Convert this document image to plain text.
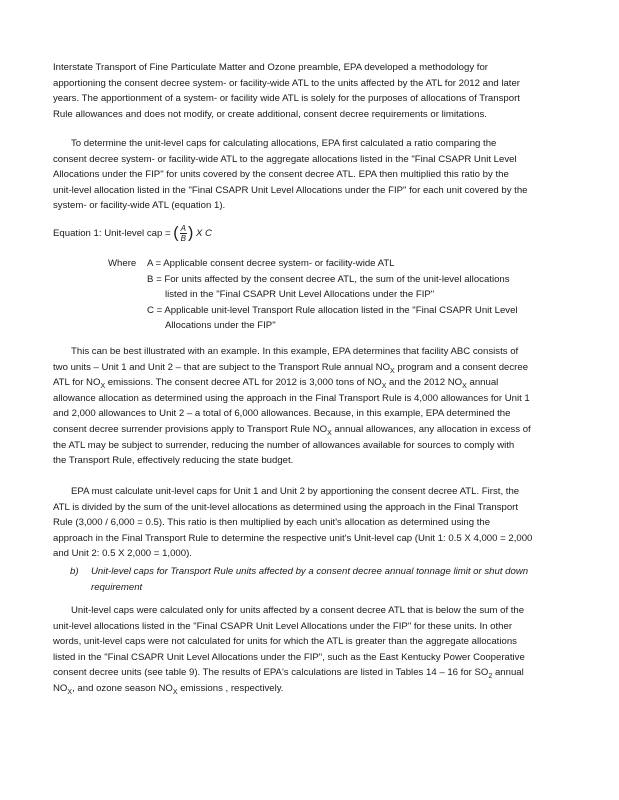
Interstate Transport of Fine Particulate Matter and Ozone preamble, EPA developed a methodology for
apportioning the consent decree system- or facility-wide ATL to the units affected by the ATL for 2012 and later
years. The apportionment of a system- or facility wide ATL is solely for the purposes of allocations of Transport
Rule allowances and does not modify, or create additional, consent decree requirements or limitations.

To determine the unit-level caps for calculating allocations, EPA first calculated a ratio comparing the
consent decree system- or facility-wide ATL to the aggregate allocations listed in the "Final CSAPR Unit Level
Allocations under the FIP" for units covered by the consent decree ATL. EPA then multiplied this ratio by the
unit-level allocation listed in the "Final CSAPR Unit Level Allocations under the FIP" for each unit covered by the
system- or facility-wide ATL (equation 1).

Equation 1: Unit-level cap = ( $\frac{A}{B}$ ) X C
Where A = Applicable consent decree system- or facility-wide ATL
B = For units affected by the consent decree ATL, the sum of the unit-level allocations
listed in the "Final CSAPR Unit Level Allocations under the FIP"
C = Applicable unit-level Transport Rule allocation listed in the "Final CSAPR Unit Level
Allocations under the FIP"

This can be best illustrated with an example. In this example, EPA determines that facility ABC consists of
two units – Unit 1 and Unit 2 – that are subject to the Transport Rule annual $NO_X$ program and a consent decree
ATL for $NO_X$ emissions. The consent decree ATL for 2012 is 3,000 tons of $NO_X$ and the 2012 $NO_X$ annual
allowance allocation as determined using the approach in the Final Transport Rule is 4,000 allowances for Unit 1
and 2,000 allowances to Unit 2 – a total of 6,000 allowances. Because, in this example, EPA determined the
consent decree surrender provisions apply to Transport Rule $NO_X$ annual allowances, any allocation in excess of
the ATL may be subject to surrender, reducing the number of allowances available for sources to comply with
the Transport Rule, effectively reducing the state budget.

EPA must calculate unit-level caps for Unit 1 and Unit 2 by apportioning the consent decree ATL. First, the
ATL is divided by the sum of the unit-level allocations as determined using the approach in the Final Transport
Rule (3,000 / 6,000 = 0.5). This ratio is then multiplied by each unit's allocation as determined using the
approach in the Final Transport Rule to determine the respective unit's Unit-level cap (Unit 1: 0.5 X 4,000 = 2,000
and Unit 2: 0.5 X 2,000 = 1,000).

b) Unit-level caps for Transport Rule units affected by a consent decree annual tonnage limit or shut down
requirement

Unit-level caps were calculated only for units affected by a consent decree ATL that is below the sum of the
unit-level allocations listed in the "Final CSAPR Unit Level Allocations under the FIP" for these units. In other
words, unit-level caps were not calculated for units for which the ATL is greater than the aggregate allocations
listed in the "Final CSAPR Unit Level Allocations under the FIP", such as the East Kentucky Power Cooperative
consent decree units (see table 9). The results of EPA's calculations are listed in Tables 14 – 16 for $SO_2$ annual
$NO_X$, and ozone season $NO_X$ emissions , respectively.
